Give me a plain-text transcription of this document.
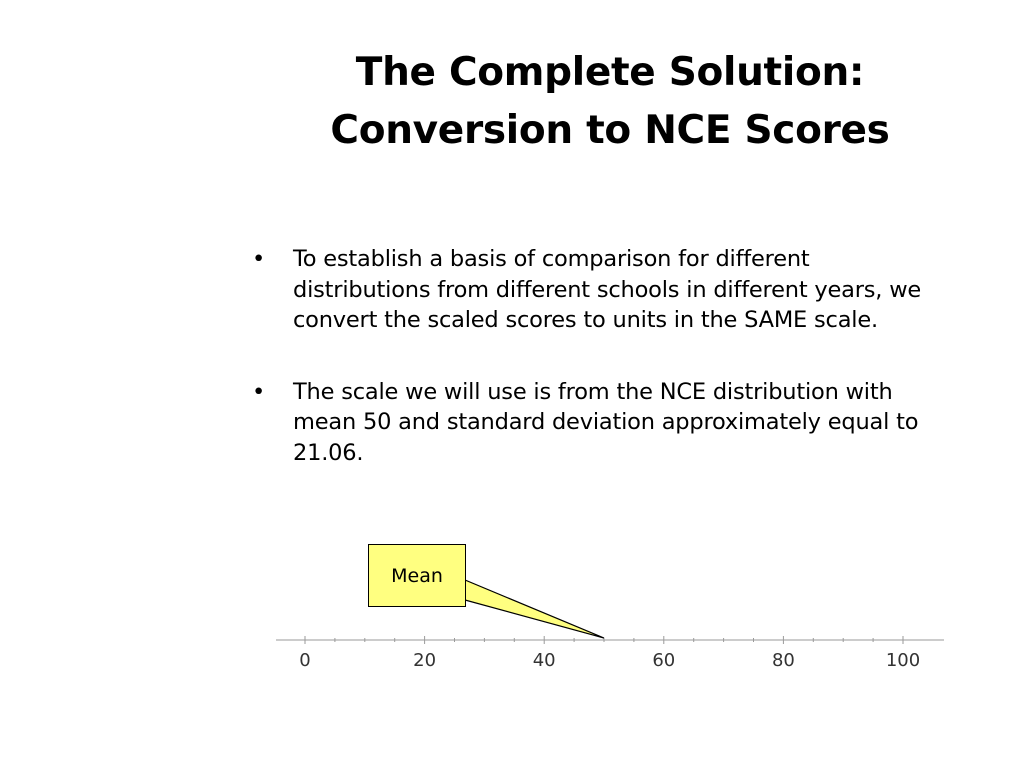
The Complete Solution:
Conversion to NCE Scores
•	To establish a basis of comparison for different distributions from different schools in different years, we convert the scaled scores to units in the SAME scale.
•	The scale we will use is from the NCE distribution with mean 50 and standard deviation approximately equal to 21.06.
Mean
0	20	40	60	80	100
